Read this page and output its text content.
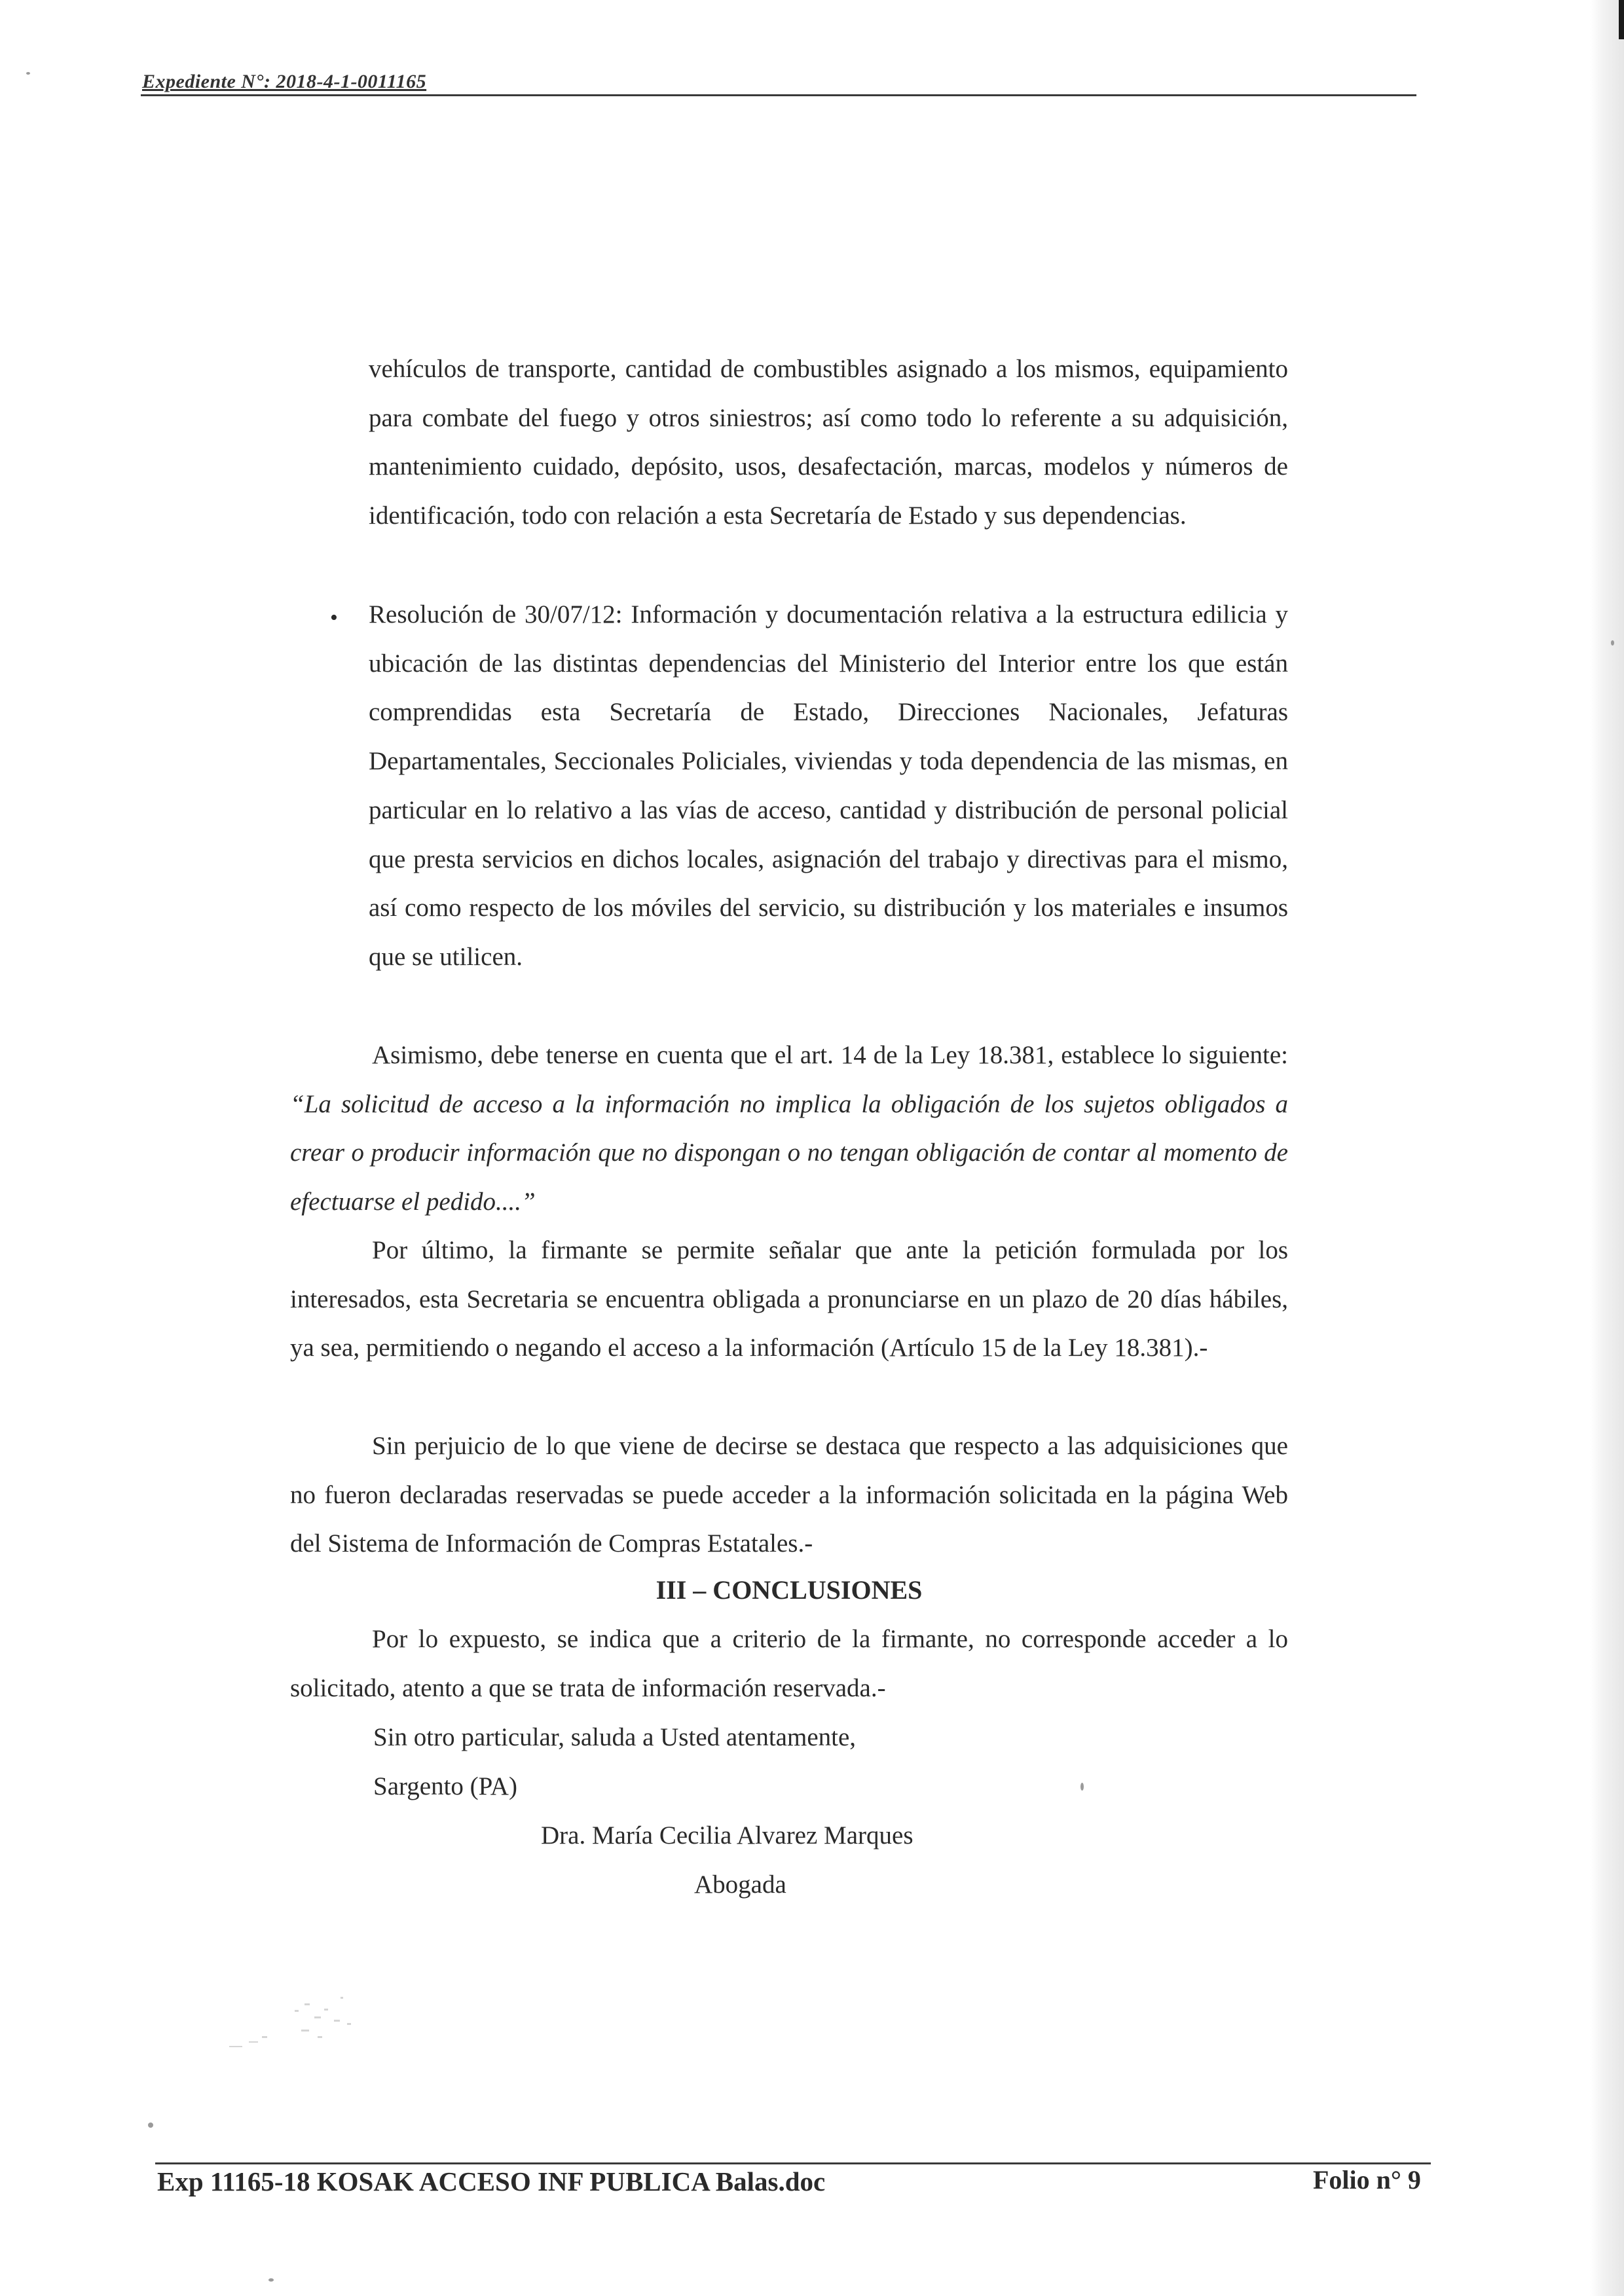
Expediente N°: 2018-4-1-0011165

vehículos de transporte, cantidad de combustibles asignado a los mismos, equipamiento para combate del fuego y otros siniestros; así como todo lo referente a su adquisición, mantenimiento cuidado, depósito, usos, desafectación, marcas, modelos y números de identificación, todo con relación a esta Secretaría de Estado y sus dependencias.

• Resolución de 30/07/12: Información y documentación relativa a la estructura edilicia y ubicación de las distintas dependencias del Ministerio del Interior entre los que están comprendidas esta Secretaría de Estado, Direcciones Nacionales, Jefaturas Departamentales, Seccionales Policiales, viviendas y toda dependencia de las mismas, en particular en lo relativo a las vías de acceso, cantidad y distribución de personal policial que presta servicios en dichos locales, asignación del trabajo y directivas para el mismo, así como respecto de los móviles del servicio, su distribución y los materiales e insumos que se utilicen.

Asimismo, debe tenerse en cuenta que el art. 14 de la Ley 18.381, establece lo siguiente: “La solicitud de acceso a la información no implica la obligación de los sujetos obligados a crear o producir información que no dispongan o no tengan obligación de contar al momento de efectuarse el pedido....”

Por último, la firmante se permite señalar que ante la petición formulada por los interesados, esta Secretaria se encuentra obligada a pronunciarse en un plazo de 20 días hábiles, ya sea, permitiendo o negando el acceso a la información (Artículo 15 de la Ley 18.381).-

Sin perjuicio de lo que viene de decirse se destaca que respecto a las adquisiciones que no fueron declaradas reservadas se puede acceder a la información solicitada en la página Web del Sistema de Información de Compras Estatales.-

III – CONCLUSIONES

Por lo expuesto, se indica que a criterio de la firmante, no corresponde acceder a lo solicitado, atento a que se trata de información reservada.-

Sin otro particular, saluda a Usted atentamente,
Sargento (PA)
Dra. María Cecilia Alvarez Marques
Abogada
Exp 11165-18 KOSAK ACCESO INF PUBLICA Balas.doc	Folio n° 9
